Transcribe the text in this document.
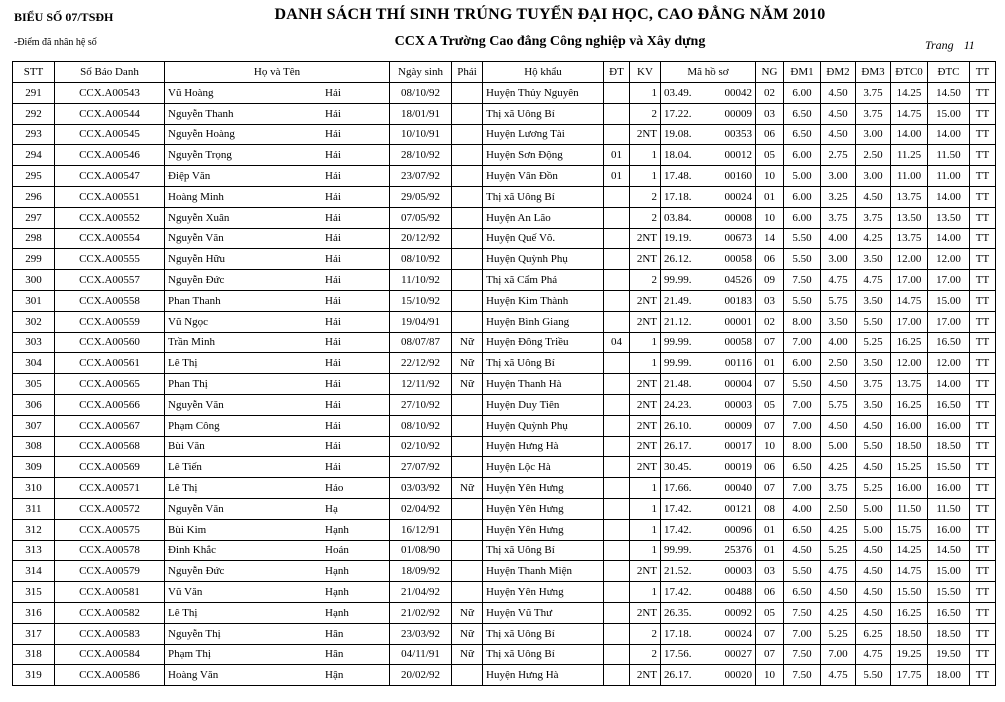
BIỂU SỐ 07/TSĐH	DANH SÁCH THÍ SINH TRÚNG TUYỂN ĐẠI HỌC, CAO ĐẲNG NĂM 2010
-Điểm đã nhân hệ số	CCX A Trường Cao đẳng Công nghiệp và Xây dựng	Trang 11
STT	Số Báo Danh	Họ và Tên	Ngày sinh	Phái	Hộ khẩu	ĐT	KV	Mã hồ sơ	NG	ĐM1	ĐM2	ĐM3	ĐTC0	ĐTC	TT
291	CCX.A00543	Vũ Hoàng Hải	08/10/92		Huyện Thủy Nguyên		1	03.49. 00042	02	6.00	4.50	3.75	14.25	14.50	TT
292	CCX.A00544	Nguyễn Thanh Hải	18/01/91		Thị xã Uông Bí		2	17.22. 00009	03	6.50	4.50	3.75	14.75	15.00	TT
293	CCX.A00545	Nguyễn Hoàng Hải	10/10/91		Huyện Lương Tài		2NT	19.08. 00353	06	6.50	4.50	3.00	14.00	14.00	TT
294	CCX.A00546	Nguyễn Trọng Hải	28/10/92		Huyện Sơn Động	01	1	18.04. 00012	05	6.00	2.75	2.50	11.25	11.50	TT
295	CCX.A00547	Điệp Văn Hải	23/07/92		Huyện Vân Đồn	01	1	17.48. 00160	10	5.00	3.00	3.00	11.00	11.00	TT
296	CCX.A00551	Hoàng Minh Hải	29/05/92		Thị xã Uông Bí		2	17.18. 00024	01	6.00	3.25	4.50	13.75	14.00	TT
297	CCX.A00552	Nguyễn Xuân Hải	07/05/92		Huyện An Lão		2	03.84. 00008	10	6.00	3.75	3.75	13.50	13.50	TT
298	CCX.A00554	Nguyễn Văn Hải	20/12/92		Huyện Quế Võ.		2NT	19.19. 00673	14	5.50	4.00	4.25	13.75	14.00	TT
299	CCX.A00555	Nguyễn Hữu Hải	08/10/92		Huyện Quỳnh Phụ		2NT	26.12. 00058	06	5.50	3.00	3.50	12.00	12.00	TT
300	CCX.A00557	Nguyễn Đức Hải	11/10/92		Thị xã Cẩm Phả		2	99.99. 04526	09	7.50	4.75	4.75	17.00	17.00	TT
301	CCX.A00558	Phan Thanh Hải	15/10/92		Huyện Kim Thành		2NT	21.49. 00183	03	5.50	5.75	3.50	14.75	15.00	TT
302	CCX.A00559	Vũ Ngọc Hải	19/04/91		Huyện Bình Giang		2NT	21.12. 00001	02	8.00	3.50	5.50	17.00	17.00	TT
303	CCX.A00560	Trần Minh Hải	08/07/87	Nữ	Huyện Đông Triều	04	1	99.99. 00058	07	7.00	4.00	5.25	16.25	16.50	TT
304	CCX.A00561	Lê Thị Hải	22/12/92	Nữ	Thị xã Uông Bí		1	99.99. 00116	01	6.00	2.50	3.50	12.00	12.00	TT
305	CCX.A00565	Phan Thị Hải	12/11/92	Nữ	Huyện Thanh Hà		2NT	21.48. 00004	07	5.50	4.50	3.75	13.75	14.00	TT
306	CCX.A00566	Nguyễn Văn Hải	27/10/92		Huyện Duy Tiên		2NT	24.23. 00003	05	7.00	5.75	3.50	16.25	16.50	TT
307	CCX.A00567	Phạm Công Hải	08/10/92		Huyện Quỳnh Phụ		2NT	26.10. 00009	07	7.00	4.50	4.50	16.00	16.00	TT
308	CCX.A00568	Bùi Văn Hải	02/10/92		Huyện Hưng Hà		2NT	26.17. 00017	10	8.00	5.00	5.50	18.50	18.50	TT
309	CCX.A00569	Lê Tiến Hải	27/07/92		Huyện Lộc Hà		2NT	30.45. 00019	06	6.50	4.25	4.50	15.25	15.50	TT
310	CCX.A00571	Lê Thị Hảo	03/03/92	Nữ	Huyện Yên Hưng		1	17.66. 00040	07	7.00	3.75	5.25	16.00	16.00	TT
311	CCX.A00572	Nguyễn Văn Hạ	02/04/92		Huyện Yên Hưng		1	17.42. 00121	08	4.00	2.50	5.00	11.50	11.50	TT
312	CCX.A00575	Bùi Kim Hạnh	16/12/91		Huyện Yên Hưng		1	17.42. 00096	01	6.50	4.25	5.00	15.75	16.00	TT
313	CCX.A00578	Đinh Khắc Hoán	01/08/90		Thị xã Uông Bí		1	99.99. 25376	01	4.50	5.25	4.50	14.25	14.50	TT
314	CCX.A00579	Nguyễn Đức Hạnh	18/09/92		Huyện Thanh Miện		2NT	21.52. 00003	03	5.50	4.75	4.50	14.75	15.00	TT
315	CCX.A00581	Vũ Văn Hạnh	21/04/92		Huyện Yên Hưng		1	17.42. 00488	06	6.50	4.50	4.50	15.50	15.50	TT
316	CCX.A00582	Lê Thị Hạnh	21/02/92	Nữ	Huyện Vũ Thư		2NT	26.35. 00092	05	7.50	4.25	4.50	16.25	16.50	TT
317	CCX.A00583	Nguyễn Thị Hân	23/03/92	Nữ	Thị xã Uông Bí		2	17.18. 00024	07	7.00	5.25	6.25	18.50	18.50	TT
318	CCX.A00584	Phạm Thị Hân	04/11/91	Nữ	Thị xã Uông Bí		2	17.56. 00027	07	7.50	7.00	4.75	19.25	19.50	TT
319	CCX.A00586	Hoàng Văn Hận	20/02/92		Huyện Hưng Hà		2NT	26.17. 00020	10	7.50	4.75	5.50	17.75	18.00	TT
